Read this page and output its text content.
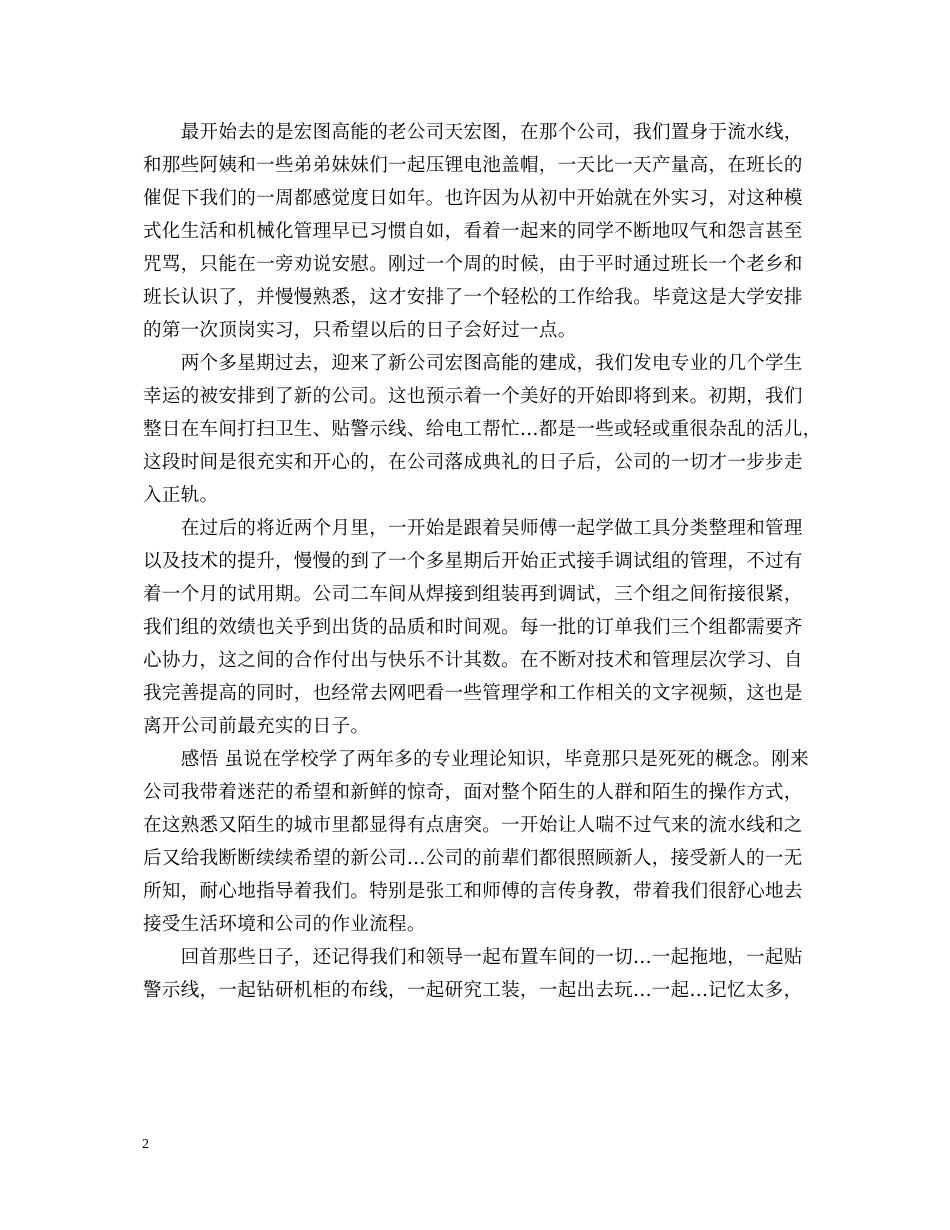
　　最开始去的是宏图高能的老公司天宏图，在那个公司，我们置身于流水线，
和那些阿姨和一些弟弟妹妹们一起压锂电池盖帽，一天比一天产量高，在班长的
催促下我们的一周都感觉度日如年。也许因为从初中开始就在外实习，对这种模
式化生活和机械化管理早已习惯自如，看着一起来的同学不断地叹气和怨言甚至
咒骂，只能在一旁劝说安慰。刚过一个周的时候，由于平时通过班长一个老乡和
班长认识了，并慢慢熟悉，这才安排了一个轻松的工作给我。毕竟这是大学安排
的第一次顶岗实习，只希望以后的日子会好过一点。
　　两个多星期过去，迎来了新公司宏图高能的建成，我们发电专业的几个学生
幸运的被安排到了新的公司。这也预示着一个美好的开始即将到来。初期，我们
整日在车间打扫卫生、贴警示线、给电工帮忙...都是一些或轻或重很杂乱的活儿，
这段时间是很充实和开心的，在公司落成典礼的日子后，公司的一切才一步步走
入正轨。
　　在过后的将近两个月里，一开始是跟着吴师傅一起学做工具分类整理和管理
以及技术的提升，慢慢的到了一个多星期后开始正式接手调试组的管理，不过有
着一个月的试用期。公司二车间从焊接到组装再到调试，三个组之间衔接很紧，
我们组的效绩也关乎到出货的品质和时间观。每一批的订单我们三个组都需要齐
心协力，这之间的合作付出与快乐不计其数。在不断对技术和管理层次学习、自
我完善提高的同时，也经常去网吧看一些管理学和工作相关的文字视频，这也是
离开公司前最充实的日子。
　　感悟 虽说在学校学了两年多的专业理论知识，毕竟那只是死死的概念。刚来
公司我带着迷茫的希望和新鲜的惊奇，面对整个陌生的人群和陌生的操作方式，
在这熟悉又陌生的城市里都显得有点唐突。一开始让人喘不过气来的流水线和之
后又给我断断续续希望的新公司...公司的前辈们都很照顾新人，接受新人的一无
所知，耐心地指导着我们。特别是张工和师傅的言传身教，带着我们很舒心地去
接受生活环境和公司的作业流程。
　　回首那些日子，还记得我们和领导一起布置车间的一切...一起拖地，一起贴
警示线，一起钻研机柜的布线，一起研究工装，一起出去玩...一起...记忆太多，
2
